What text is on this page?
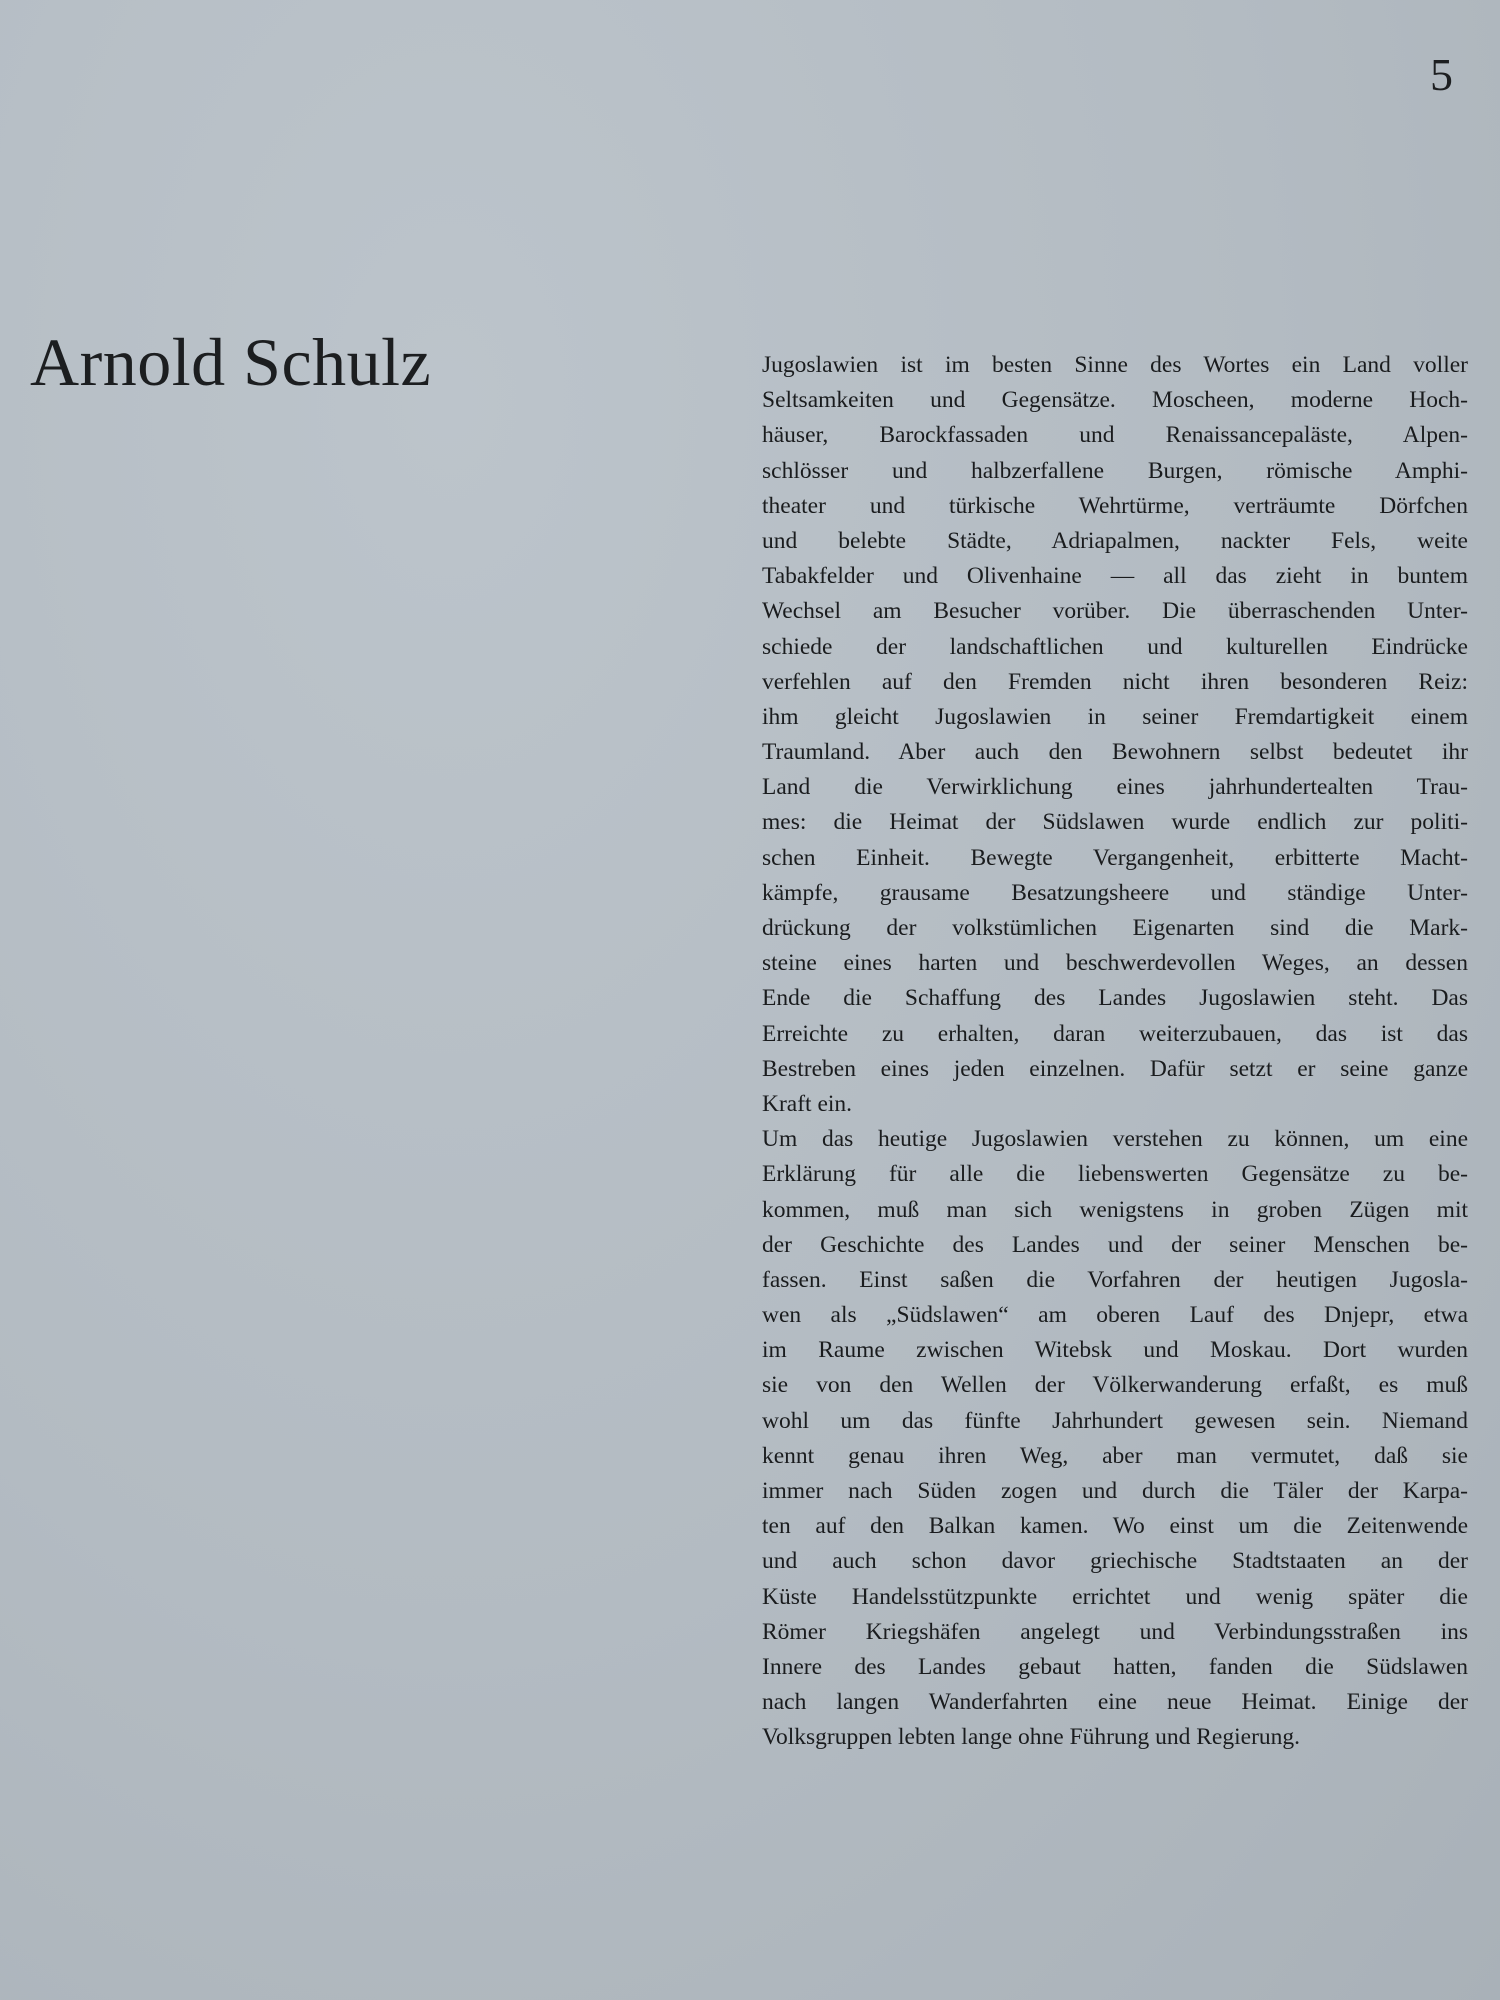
5
Arnold Schulz	Jugoslawien ist im besten Sinne des Wortes ein Land voller
Seltsamkeiten und Gegensätze. Moscheen, moderne Hoch-
häuser, Barockfassaden und Renaissancepaläste, Alpen-
schlösser und halbzerfallene Burgen, römische Amphi-
theater und türkische Wehrtürme, verträumte Dörfchen
und belebte Städte, Adriapalmen, nackter Fels, weite
Tabakfelder und Olivenhaine — all das zieht in buntem
Wechsel am Besucher vorüber. Die überraschenden Unter-
schiede der landschaftlichen und kulturellen Eindrücke
verfehlen auf den Fremden nicht ihren besonderen Reiz:
ihm gleicht Jugoslawien in seiner Fremdartigkeit einem
Traumland. Aber auch den Bewohnern selbst bedeutet ihr
Land die Verwirklichung eines jahrhundertealten Trau-
mes: die Heimat der Südslawen wurde endlich zur politi-
schen Einheit. Bewegte Vergangenheit, erbitterte Macht-
kämpfe, grausame Besatzungsheere und ständige Unter-
drückung der volkstümlichen Eigenarten sind die Mark-
steine eines harten und beschwerdevollen Weges, an dessen
Ende die Schaffung des Landes Jugoslawien steht. Das
Erreichte zu erhalten, daran weiterzubauen, das ist das
Bestreben eines jeden einzelnen. Dafür setzt er seine ganze
Kraft ein.
Um das heutige Jugoslawien verstehen zu können, um eine
Erklärung für alle die liebenswerten Gegensätze zu be-
kommen, muß man sich wenigstens in groben Zügen mit
der Geschichte des Landes und der seiner Menschen be-
fassen. Einst saßen die Vorfahren der heutigen Jugosla-
wen als „Südslawen“ am oberen Lauf des Dnjepr, etwa
im Raume zwischen Witebsk und Moskau. Dort wurden
sie von den Wellen der Völkerwanderung erfaßt, es muß
wohl um das fünfte Jahrhundert gewesen sein. Niemand
kennt genau ihren Weg, aber man vermutet, daß sie
immer nach Süden zogen und durch die Täler der Karpa-
ten auf den Balkan kamen. Wo einst um die Zeitenwende
und auch schon davor griechische Stadtstaaten an der
Küste Handelsstützpunkte errichtet und wenig später die
Römer Kriegshäfen angelegt und Verbindungsstraßen ins
Innere des Landes gebaut hatten, fanden die Südslawen
nach langen Wanderfahrten eine neue Heimat. Einige der
Volksgruppen lebten lange ohne Führung und Regierung.
